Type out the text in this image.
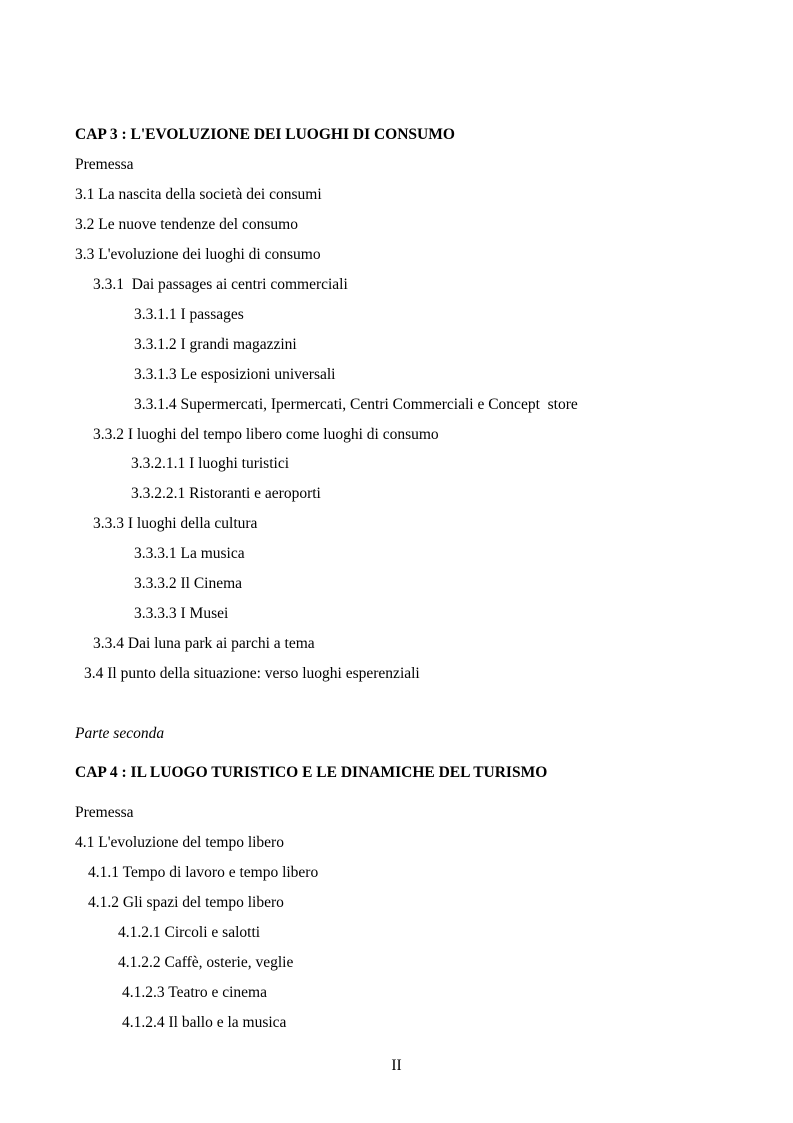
CAP 3 : L'EVOLUZIONE DEI LUOGHI DI CONSUMO
Premessa
3.1 La nascita della società dei consumi
3.2 Le nuove tendenze del consumo
3.3 L'evoluzione dei luoghi di consumo
3.3.1  Dai passages ai centri commerciali
3.3.1.1 I passages
3.3.1.2 I grandi magazzini
3.3.1.3 Le esposizioni universali
3.3.1.4 Supermercati, Ipermercati, Centri Commerciali e Concept  store
3.3.2 I luoghi del tempo libero come luoghi di consumo
3.3.2.1.1 I luoghi turistici
3.3.2.2.1 Ristoranti e aeroporti
3.3.3 I luoghi della cultura
3.3.3.1 La musica
3.3.3.2 Il Cinema
3.3.3.3 I Musei
3.3.4 Dai luna park ai parchi a tema
3.4 Il punto della situazione: verso luoghi esperenziali
Parte seconda
CAP 4 : IL LUOGO TURISTICO E LE DINAMICHE DEL TURISMO
Premessa
4.1 L'evoluzione del tempo libero
4.1.1 Tempo di lavoro e tempo libero
4.1.2 Gli spazi del tempo libero
4.1.2.1 Circoli e salotti
4.1.2.2 Caffè, osterie, veglie
4.1.2.3 Teatro e cinema
4.1.2.4 Il ballo e la musica
II
